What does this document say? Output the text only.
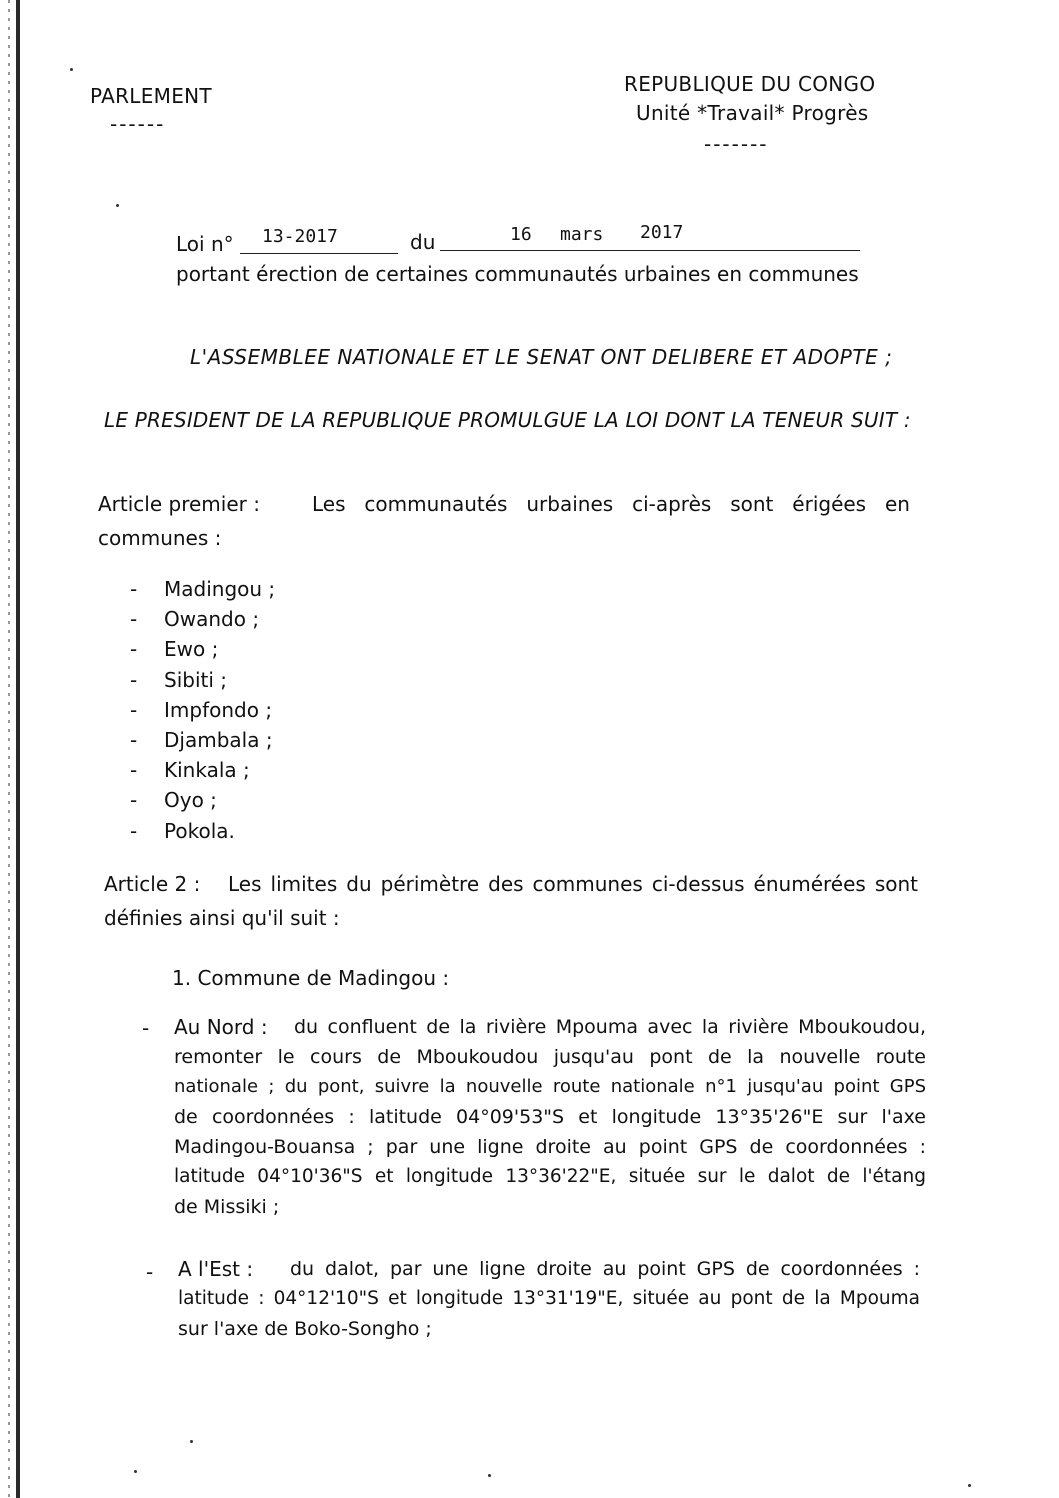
PARLEMENT
------
REPUBLIQUE DU CONGO
Unité *Travail* Progrès
-------
Loi n° 13-2017	du	16 mars 2017
portant érection de certaines communautés urbaines en communes
L'ASSEMBLEE NATIONALE ET LE SENAT ONT DELIBERE ET ADOPTE ;
LE PRESIDENT DE LA REPUBLIQUE PROMULGUE LA LOI DONT LA TENEUR SUIT :
Article premier :	Les communautés urbaines ci-après sont érigées en
communes :
- Madingou ;
- Owando ;
- Ewo ;
- Sibiti ;
- Impfondo ;
- Djambala ;
- Kinkala ;
- Oyo ;
- Pokola.
Article 2 : Les limites du périmètre des communes ci-dessus énumérées sont
définies ainsi qu'il suit :
1. Commune de Madingou :
- Au Nord : du confluent de la rivière Mpouma avec la rivière Mboukoudou,
remonter le cours de Mboukoudou jusqu'au pont de la nouvelle route
nationale ; du pont, suivre la nouvelle route nationale n°1 jusqu'au point GPS
de coordonnées : latitude 04°09'53"S et longitude 13°35'26"E sur l'axe
Madingou-Bouansa ; par une ligne droite au point GPS de coordonnées :
latitude 04°10'36"S et longitude 13°36'22"E, située sur le dalot de l'étang
de Missiki ;
- A l'Est : du dalot, par une ligne droite au point GPS de coordonnées :
latitude : 04°12'10"S et longitude 13°31'19"E, située au pont de la Mpouma
sur l'axe de Boko-Songho ;
